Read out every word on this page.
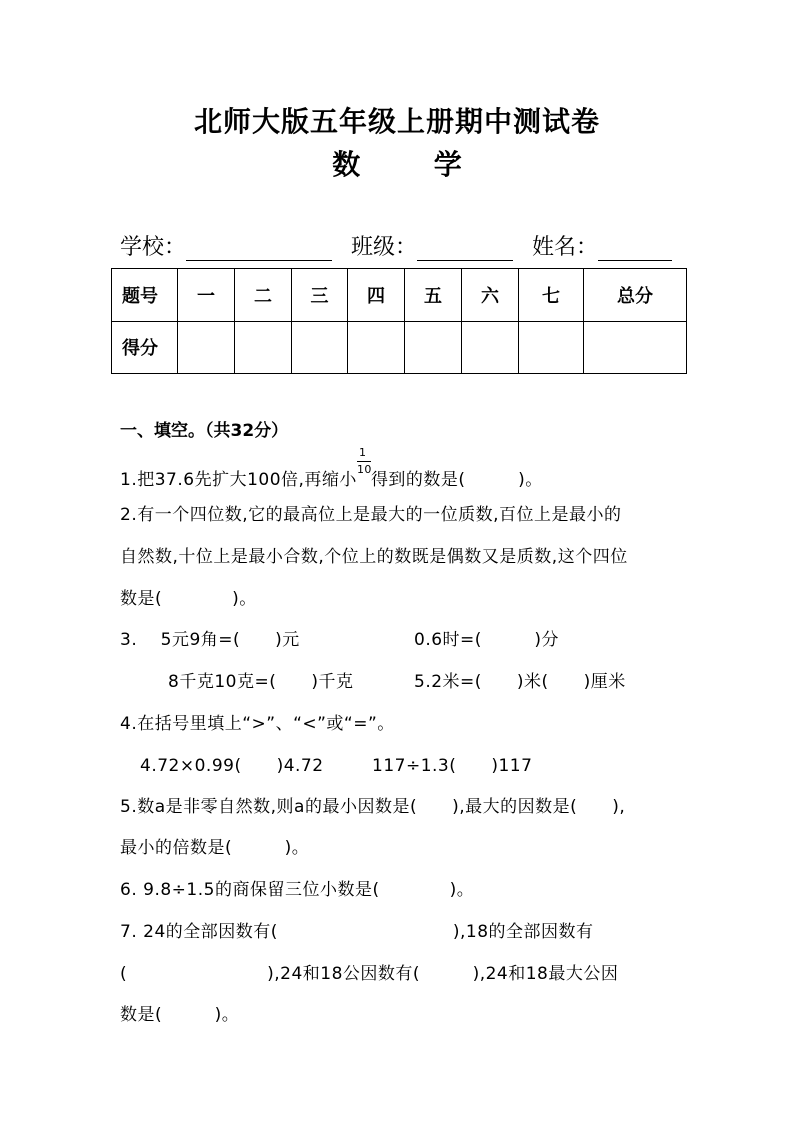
北师大版五年级上册期中测试卷
数	学
学校：	班级：	姓名：
题号	一	二	三	四	五	六	七	总分
得分								
一、填空。（共32分）
1.把37.6先扩大100倍,再缩小 $\frac{1}{10}$ 得到的数是(　　　)。
2.有一个四位数,它的最高位上是最大的一位质数,百位上是最小的
自然数,十位上是最小合数,个位上的数既是偶数又是质数,这个四位
数是(　　　　)。
3.　 5元9角=(　　)元	0.6时=(　　　)分
8千克10克=(　　)千克	5.2米=(　　)米(　　)厘米
4.在括号里填上“>”、“<”或“=”。
4.72×0.99(　　)4.72	117÷1.3(　　)117
5.数a是非零自然数,则a的最小因数是(　　),最大的因数是(　　),
最小的倍数是(　　　)。
6. 9.8÷1.5的商保留三位小数是(　　　　)。
7. 24的全部因数有(　　　　　　　　　　),18的全部因数有
(　　　　　　　　),24和18公因数有(　　　),24和18最大公因
数是(　　　)。
